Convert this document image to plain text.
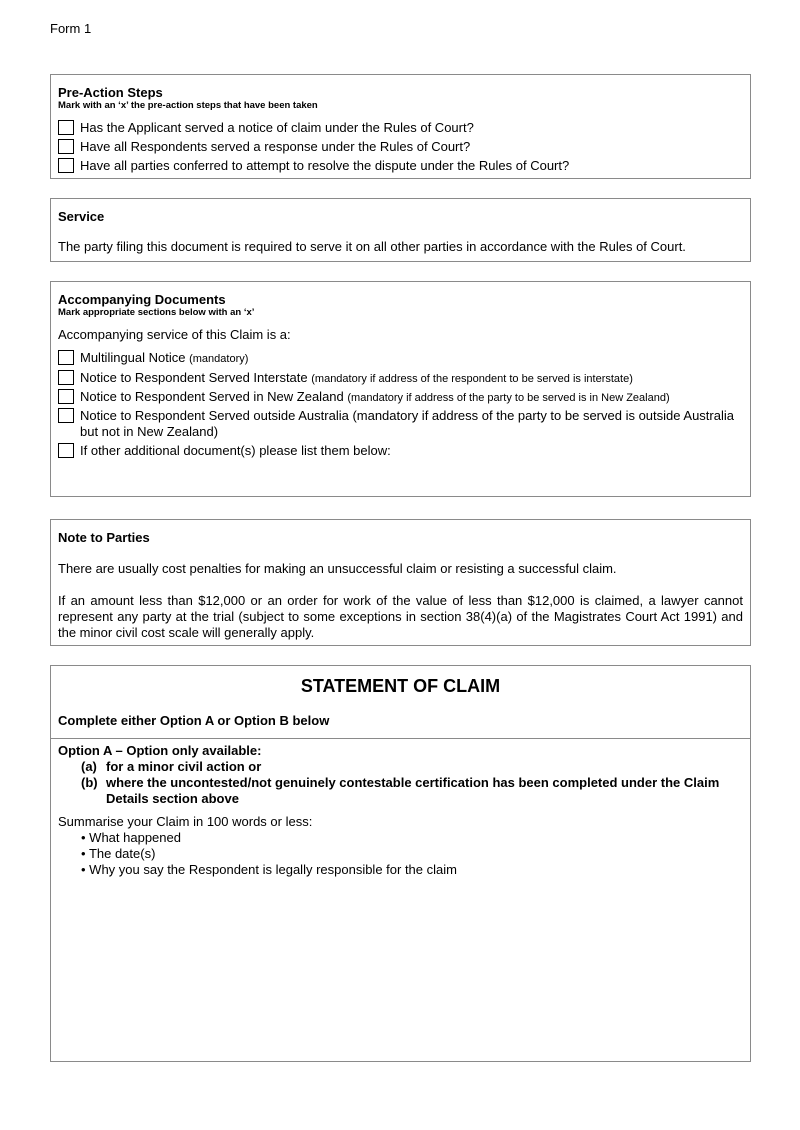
Form 1
Pre-Action Steps
Mark with an ‘x’ the pre-action steps that have been taken
Has the Applicant served a notice of claim under the Rules of Court?
Have all Respondents served a response under the Rules of Court?
Have all parties conferred to attempt to resolve the dispute under the Rules of Court?
Service
The party filing this document is required to serve it on all other parties in accordance with the Rules of Court.
Accompanying Documents
Mark appropriate sections below with an ‘x’
Accompanying service of this Claim is a:
Multilingual Notice (mandatory)
Notice to Respondent Served Interstate (mandatory if address of the respondent to be served is interstate)
Notice to Respondent Served in New Zealand (mandatory if address of the party to be served is in New Zealand)
Notice to Respondent Served outside Australia (mandatory if address of the party to be served is outside Australia but not in New Zealand)
If other additional document(s) please list them below:
Note to Parties
There are usually cost penalties for making an unsuccessful claim or resisting a successful claim.
If an amount less than $12,000 or an order for work of the value of less than $12,000 is claimed, a lawyer cannot represent any party at the trial (subject to some exceptions in section 38(4)(a) of the Magistrates Court Act 1991) and the minor civil cost scale will generally apply.
STATEMENT OF CLAIM
Complete either Option A or Option B below
Option A – Option only available:
(a) for a minor civil action or
(b) where the uncontested/not genuinely contestable certification has been completed under the Claim Details section above
Summarise your Claim in 100 words or less:
• What happened
• The date(s)
• Why you say the Respondent is legally responsible for the claim
